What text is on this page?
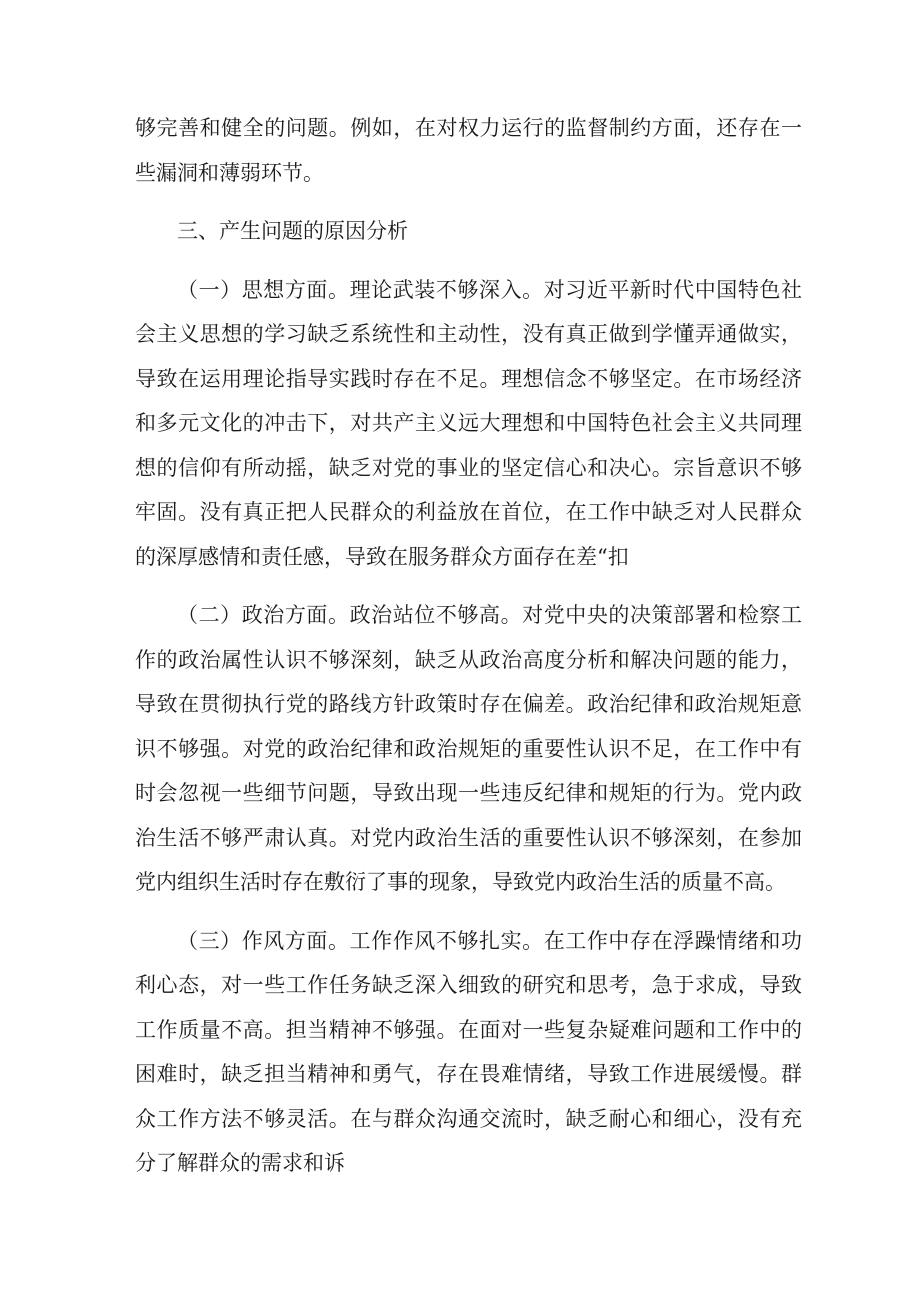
够完善和健全的问题。例如，在对权力运行的监督制约方面，还存在一些漏洞和薄弱环节。

三、产生问题的原因分析

（一）思想方面。理论武装不够深入。对习近平新时代中国特色社会主义思想的学习缺乏系统性和主动性，没有真正做到学懂弄通做实，导致在运用理论指导实践时存在不足。理想信念不够坚定。在市场经济和多元文化的冲击下，对共产主义远大理想和中国特色社会主义共同理想的信仰有所动摇，缺乏对党的事业的坚定信心和决心。宗旨意识不够牢固。没有真正把人民群众的利益放在首位，在工作中缺乏对人民群众的深厚感情和责任感，导致在服务群众方面存在差“扣

（二）政治方面。政治站位不够高。对党中央的决策部署和检察工作的政治属性认识不够深刻，缺乏从政治高度分析和解决问题的能力，导致在贯彻执行党的路线方针政策时存在偏差。政治纪律和政治规矩意识不够强。对党的政治纪律和政治规矩的重要性认识不足，在工作中有时会忽视一些细节问题，导致出现一些违反纪律和规矩的行为。党内政治生活不够严肃认真。对党内政治生活的重要性认识不够深刻，在参加党内组织生活时存在敷衍了事的现象，导致党内政治生活的质量不高。

（三）作风方面。工作作风不够扎实。在工作中存在浮躁情绪和功利心态，对一些工作任务缺乏深入细致的研究和思考，急于求成，导致工作质量不高。担当精神不够强。在面对一些复杂疑难问题和工作中的困难时，缺乏担当精神和勇气，存在畏难情绪，导致工作进展缓慢。群众工作方法不够灵活。在与群众沟通交流时，缺乏耐心和细心，没有充分了解群众的需求和诉
